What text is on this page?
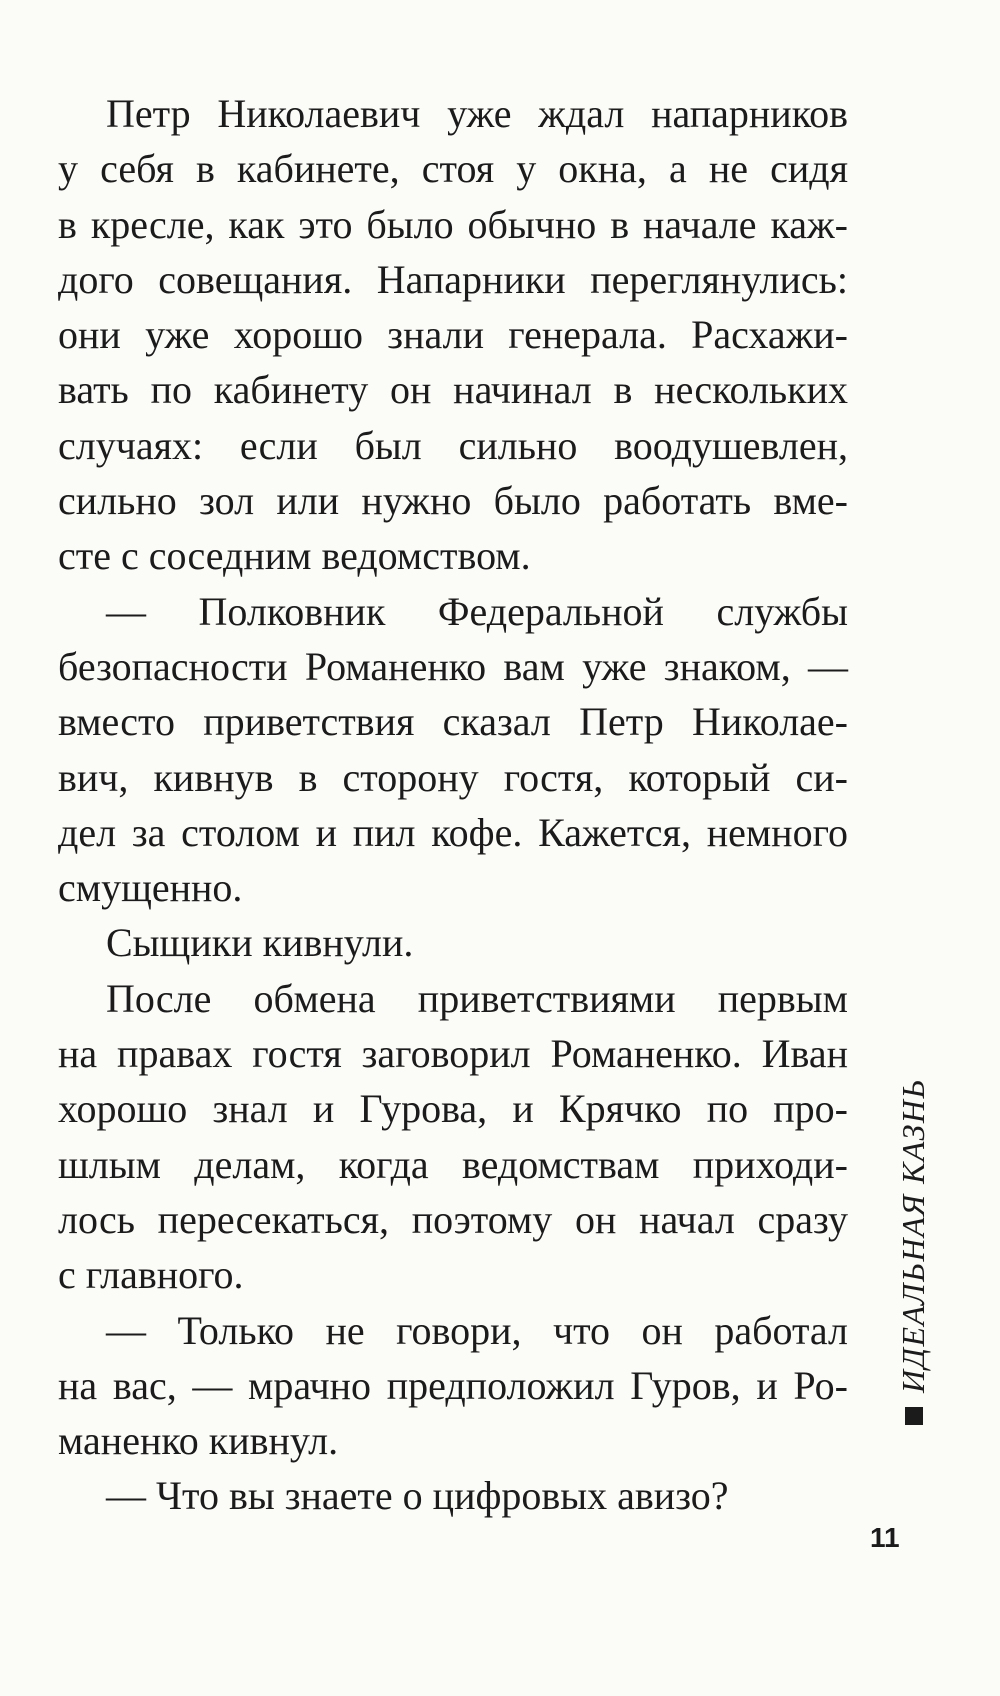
Петр Николаевич уже ждал напарников
у себя в кабинете, стоя у окна, а не сидя
в кресле, как это было обычно в начале каж-
дого совещания. Напарники переглянулись:
они уже хорошо знали генерала. Расхажи-
вать по кабинету он начинал в нескольких
случаях: если был сильно воодушевлен,
сильно зол или нужно было работать вме-
сте с соседним ведомством.
— Полковник Федеральной службы
безопасности Романенко вам уже знаком, —
вместо приветствия сказал Петр Николае-
вич, кивнув в сторону гостя, который си-
дел за столом и пил кофе. Кажется, немного
смущенно.
Сыщики кивнули.
После обмена приветствиями первым
на правах гостя заговорил Романенко. Иван
хорошо знал и Гурова, и Крячко по про-
шлым делам, когда ведомствам приходи-
лось пересекаться, поэтому он начал сразу
с главного.
— Только не говори, что он работал
на вас, — мрачно предположил Гуров, и Ро-
маненко кивнул.
— Что вы знаете о цифровых авизо?
ИДЕАЛЬНАЯ КАЗНЬ
11
